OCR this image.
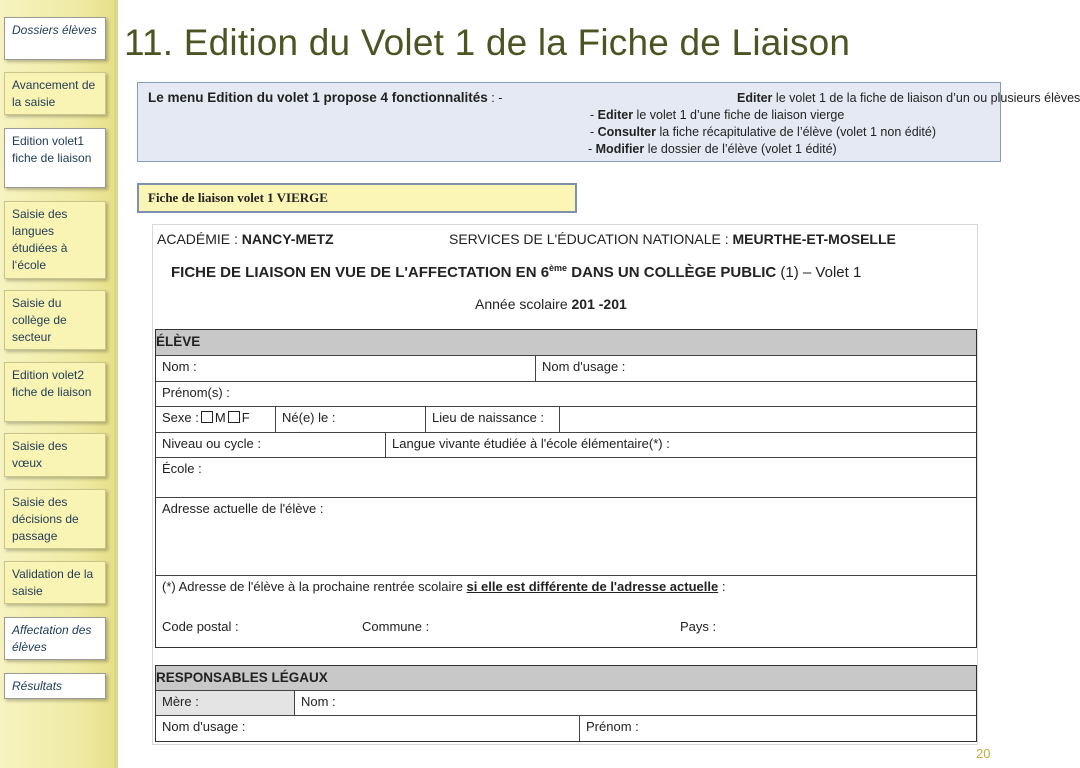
Dossiers élèves
Avancement de la saisie
Edition volet1 fiche de liaison
Saisie des langues étudiées à l‘école
Saisie du collège de secteur
Edition volet2 fiche de liaison
Saisie des vœux
Saisie des décisions de passage
Validation de la saisie
Affectation des élèves
Résultats
11. Edition du Volet 1 de la Fiche de Liaison
Le menu Edition du volet 1 propose 4 fonctionnalités : -	Editer le volet 1 de la fiche de liaison d’un ou plusieurs élèves
- Editer le volet 1 d’une fiche de liaison vierge
- Consulter la fiche récapitulative de l’élève (volet 1 non édité)
- Modifier le dossier de l’élève (volet 1 édité)
Fiche de liaison volet 1 VIERGE
ACADÉMIE : NANCY-METZ	SERVICES DE L'ÉDUCATION NATIONALE : MEURTHE-ET-MOSELLE
FICHE DE LIAISON EN VUE DE L'AFFECTATION EN 6ème DANS UN COLLÈGE PUBLIC (1) – Volet 1
Année scolaire 201 -201
ÉLÈVE
Nom :	Nom d'usage :
Prénom(s) :
Sexe : M F	Né(e) le :	Lieu de naissance :
Niveau ou cycle :	Langue vivante étudiée à l'école élémentaire(*) :
École :
Adresse actuelle de l'élève :
(*) Adresse de l'élève à la prochaine rentrée scolaire si elle est différente de l'adresse actuelle :
Code postal :	Commune :	Pays :
RESPONSABLES LÉGAUX
Mère :	Nom :
Nom d'usage :	Prénom :
20
